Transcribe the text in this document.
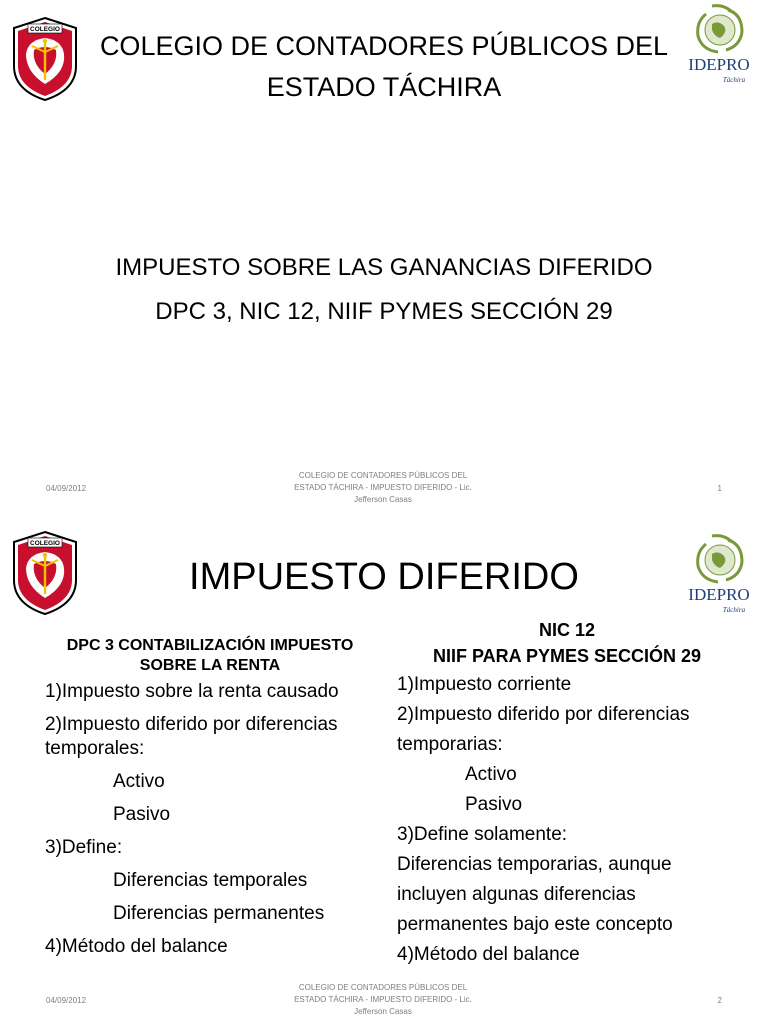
COLEGIO
COLEGIO DE CONTADORES PÚBLICOS DEL
ESTADO TÁCHIRA
IDEPRO
Táchira
IMPUESTO SOBRE LAS GANANCIAS DIFERIDO
DPC 3, NIC 12, NIIF PYMES SECCIÓN 29
04/09/2012
COLEGIO DE CONTADORES PÚBLICOS DEL
ESTADO TÁCHIRA - IMPUESTO DIFERIDO - Lic.
Jefferson Casas
1
COLEGIO
IMPUESTO DIFERIDO	IDEPRO
Táchira
DPC 3 CONTABILIZACIÓN IMPUESTO
SOBRE LA RENTA
1)Impuesto sobre la renta causado
2)Impuesto diferido por diferencias
temporales:
Activo
Pasivo
3)Define:
Diferencias temporales
Diferencias permanentes
4)Método del balance
NIC 12
NIIF PARA PYMES SECCIÓN 29
1)Impuesto corriente
2)Impuesto diferido por diferencias
temporarias:
Activo
Pasivo
3)Define solamente:
Diferencias temporarias, aunque
incluyen algunas diferencias
permanentes bajo este concepto
4)Método del balance
04/09/2012
COLEGIO DE CONTADORES PÚBLICOS DEL
ESTADO TÁCHIRA - IMPUESTO DIFERIDO - Lic.
Jefferson Casas
2
